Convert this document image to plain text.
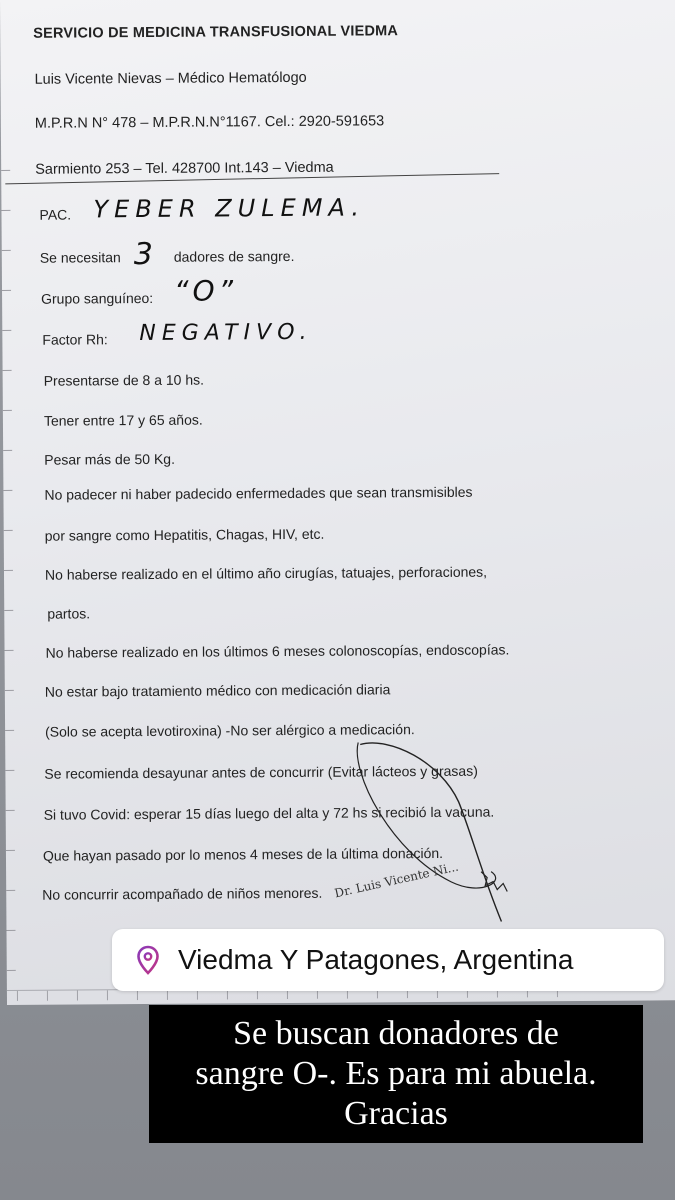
SERVICIO DE MEDICINA TRANSFUSIONAL VIEDMA
Luis Vicente Nievas – Médico Hematólogo
M.P.R.N N° 478 – M.P.R.N.N°1167. Cel.: 2920-591653
Sarmiento 253 – Tel. 428700 Int.143 – Viedma
PAC. YEBER ZULEMA.
Se necesitan 3 dadores de sangre.
Grupo sanguíneo: “O”
Factor Rh: NEGATIVO.
Presentarse de 8 a 10 hs.
Tener entre 17 y 65 años.
Pesar más de 50 Kg.
No padecer ni haber padecido enfermedades que sean transmisibles
por sangre como Hepatitis, Chagas, HIV, etc.
No haberse realizado en el último año cirugías, tatuajes, perforaciones,
partos.
No haberse realizado en los últimos 6 meses colonoscopías, endoscopías.
No estar bajo tratamiento médico con medicación diaria
(Solo se acepta levotiroxina) -No ser alérgico a medicación.
Se recomienda desayunar antes de concurrir (Evitar lácteos y grasas)
Si tuvo Covid: esperar 15 días luego del alta y 72 hs si recibió la vacuna.
Que hayan pasado por lo menos 4 meses de la última donación.
No concurrir acompañado de niños menores. Dr. Luis Vicente Ni...
Viedma Y Patagones, Argentina
Se buscan donadores de
sangre O-. Es para mi abuela.
Gracias
